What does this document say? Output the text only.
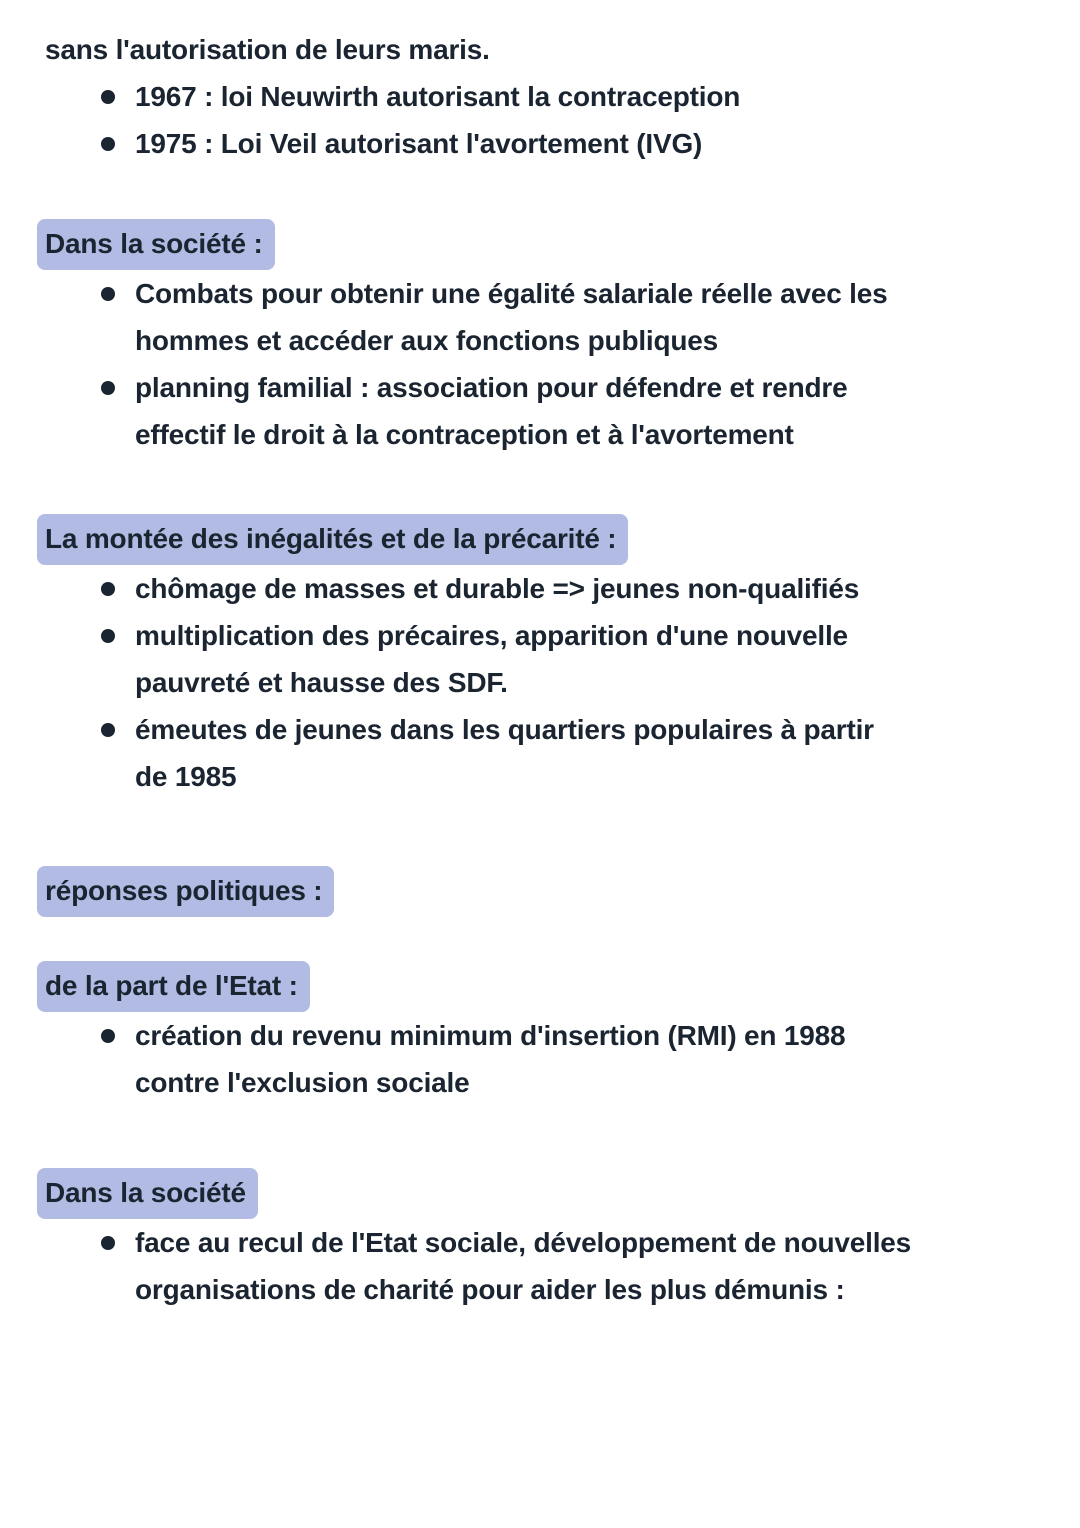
sans l'autorisation de leurs maris.
1967 : loi Neuwirth autorisant la contraception
1975 : Loi Veil autorisant l'avortement (IVG)
Dans la société :
Combats pour obtenir une égalité salariale réelle avec les
hommes et accéder aux fonctions publiques
planning familial : association pour défendre et rendre
effectif le droit à la contraception et à l'avortement
La montée des inégalités et de la précarité :
chômage de masses et durable => jeunes non-qualifiés
multiplication des précaires, apparition d'une nouvelle
pauvreté et hausse des SDF.
émeutes de jeunes dans les quartiers populaires à partir
de 1985
réponses politiques :
de la part de l'Etat :
création du revenu minimum d'insertion (RMI) en 1988
contre l'exclusion sociale
Dans la société
face au recul de l'Etat sociale, développement de nouvelles
organisations de charité pour aider les plus démunis :
